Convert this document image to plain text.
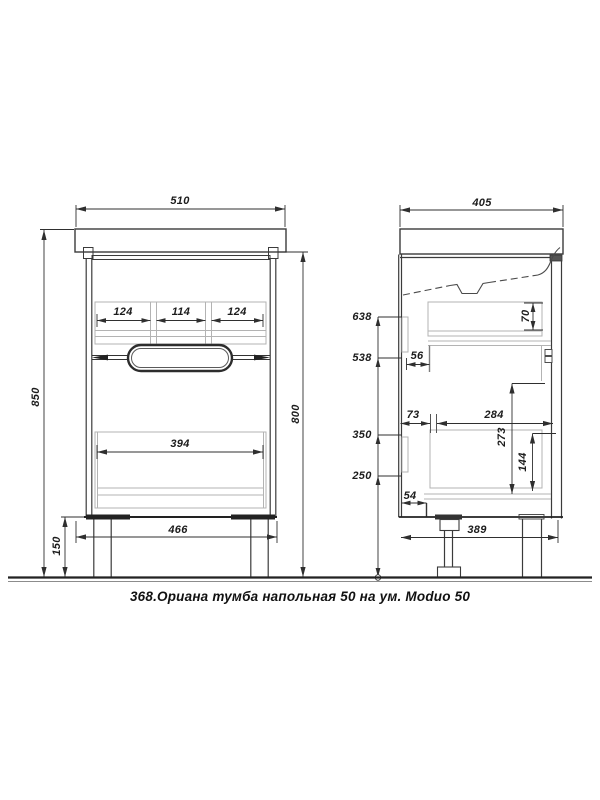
510
124	114	124
394
466
850
150
800
405
70
638
538
350
250
56
73	284
273
144
54
389
368.Ориана тумба напольная 50 на ум. Moduo 50
